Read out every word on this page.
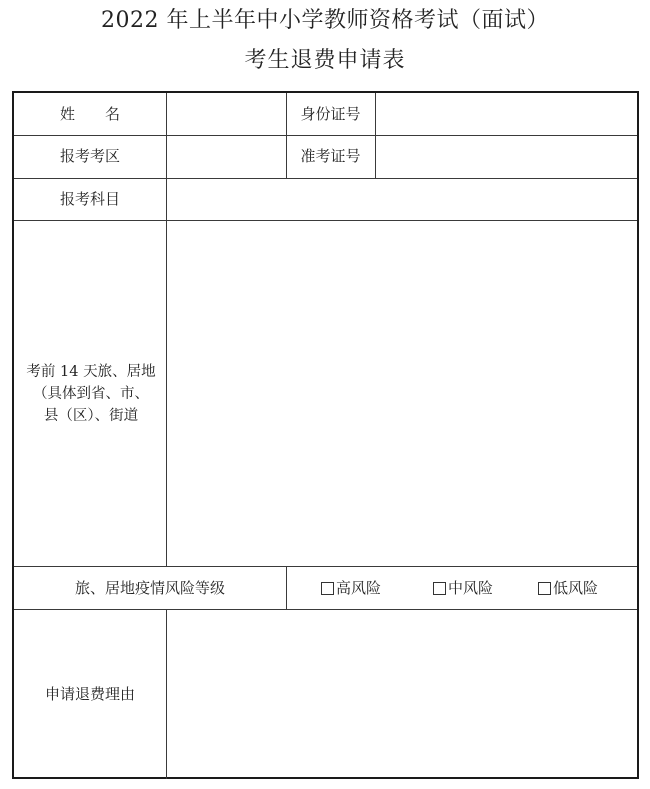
2022 年上半年中小学教师资格考试（面试）
考生退费申请表
姓　　名	身份证号
报考考区	准考证号
报考科目
考前 14 天旅、居地
（具体到省、市、
县（区）、街道
旅、居地疫情风险等级	高风险	中风险	低风险
申请退费理由
